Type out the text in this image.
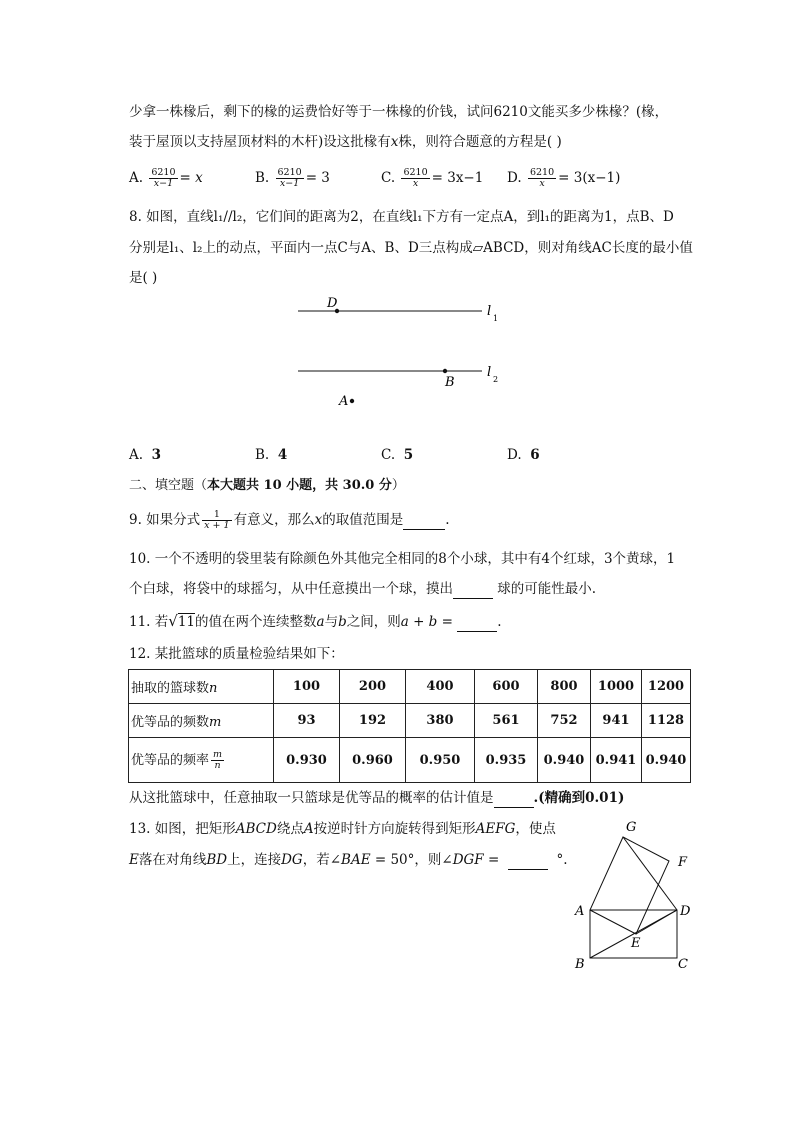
少拿一株椽后，剩下的椽的运费恰好等于一株椽的价钱，试问6210文能买多少株椽？(椽，
装于屋顶以支持屋顶材料的木杆)设这批椽有x株，则符合题意的方程是( )
A. $\frac{6210}{x-1} = x$	B. $\frac{6210}{x-1} = 3$	C. $\frac{6210}{x} = 3x-1$ D. $\frac{6210}{x} = 3(x-1)$
8. 如图，直线l₁//l₂，它们间的距离为2，在直线l₁下方有一定点A，到l₁的距离为1，点B、D
分别是l₁、l₂上的动点，平面内一点C与A、B、D三点构成▱ABCD，则对角线AC长度的最小值
是( )
D
l 1
B
l 2
A
A. 3	B. 4	C. 5	D. 6
二、填空题（本大题共 10 小题，共 30.0 分）
9. 如果分式 $\frac{1}{x + 1}$ 有意义，那么x的取值范围是	.
10. 一个不透明的袋里装有除颜色外其他完全相同的8个小球，其中有4个红球，3个黄球，1
个白球，将袋中的球摇匀，从中任意摸出一个球，摸出	球的可能性最小.
11. 若√11的值在两个连续整数a与b之间，则a + b =	.
12. 某批篮球的质量检验结果如下：
抽取的篮球数n	100	200	400	600	800	1000	1200
优等品的频数m	93	192	380	561	752	941	1128
优等品的频率 $\frac{m}{n}$	0.930	0.960	0.950	0.935	0.940	0.941	0.940
从这批篮球中，任意抽取一只篮球是优等品的概率的估计值是	.(精确到0.01)
13. 如图，把矩形ABCD绕点A按逆时针方向旋转得到矩形AEFG，使点
E落在对角线BD上，连接DG，若∠BAE = 50°，则∠DGF =	°.
G
F
A	D
E
B	C
